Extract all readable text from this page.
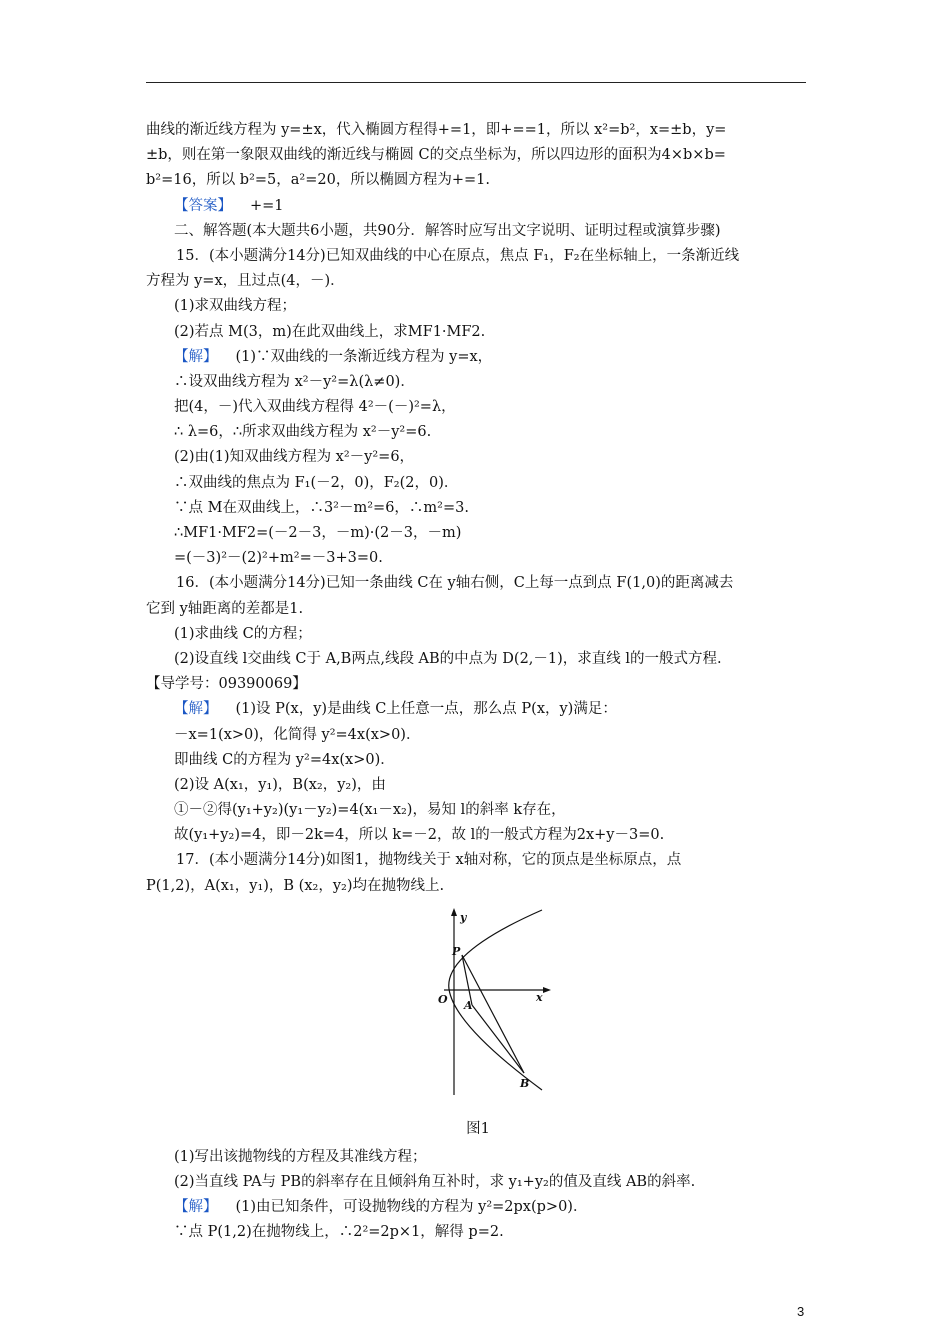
曲线的渐近线方程为 y=±x，代入椭圆方程得+=1，即+==1，所以 x²=b²，x=±b，y=
±b，则在第一象限双曲线的渐近线与椭圆 C的交点坐标为，所以四边形的面积为4×b×b=
b²=16，所以 b²=5，a²=20，所以椭圆方程为+=1.
【答案】 +=1
二、解答题(本大题共6小题，共90分．解答时应写出文字说明、证明过程或演算步骤)
15．(本小题满分14分)已知双曲线的中心在原点，焦点 F₁，F₂在坐标轴上，一条渐近线
方程为 y=x，且过点(4，－)．
(1)求双曲线方程；
(2)若点 M(3，m)在此双曲线上，求MF1·MF2.
【解】 (1)∵双曲线的一条渐近线方程为 y=x，
∴设双曲线方程为 x²－y²=λ(λ≠0)．
把(4，－)代入双曲线方程得 4²－(－)²=λ，
∴ λ=6，∴所求双曲线方程为 x²－y²=6.
(2)由(1)知双曲线方程为 x²－y²=6，
∴双曲线的焦点为 F₁(－2，0)，F₂(2，0)．
∵点 M在双曲线上，∴3²－m²=6，∴m²=3.
∴MF1·MF2=(－2－3，－m)·(2－3，－m)
=(－3)²－(2)²+m²=－3+3=0.
16．(本小题满分14分)已知一条曲线 C在 y轴右侧，C上每一点到点 F(1,0)的距离减去
它到 y轴距离的差都是1.
(1)求曲线 C的方程；
(2)设直线 l交曲线 C于 A,B两点,线段 AB的中点为 D(2,－1)，求直线 l的一般式方程.
【导学号：09390069】
【解】 (1)设 P(x，y)是曲线 C上任意一点，那么点 P(x，y)满足：
－x=1(x>0)，化简得 y²=4x(x>0)．
即曲线 C的方程为 y²=4x(x>0)．
(2)设 A(x₁，y₁)，B(x₂，y₂)，由
①－②得(y₁+y₂)(y₁－y₂)=4(x₁－x₂)，易知 l的斜率 k存在，
故(y₁+y₂)=4，即－2k=4，所以 k=－2，故 l的一般式方程为2x+y－3=0.
17．(本小题满分14分)如图1，抛物线关于 x轴对称，它的顶点是坐标原点，点
P(1,2)，A(x₁，y₁)，B (x₂，y₂)均在抛物线上.
y
x
O
P
A
B
图1
(1)写出该抛物线的方程及其准线方程；
(2)当直线 PA与 PB的斜率存在且倾斜角互补时，求 y₁+y₂的值及直线 AB的斜率.
【解】 (1)由已知条件，可设抛物线的方程为 y²=2px(p>0)．
∵点 P(1,2)在抛物线上，∴2²=2p×1，解得 p=2.
3
